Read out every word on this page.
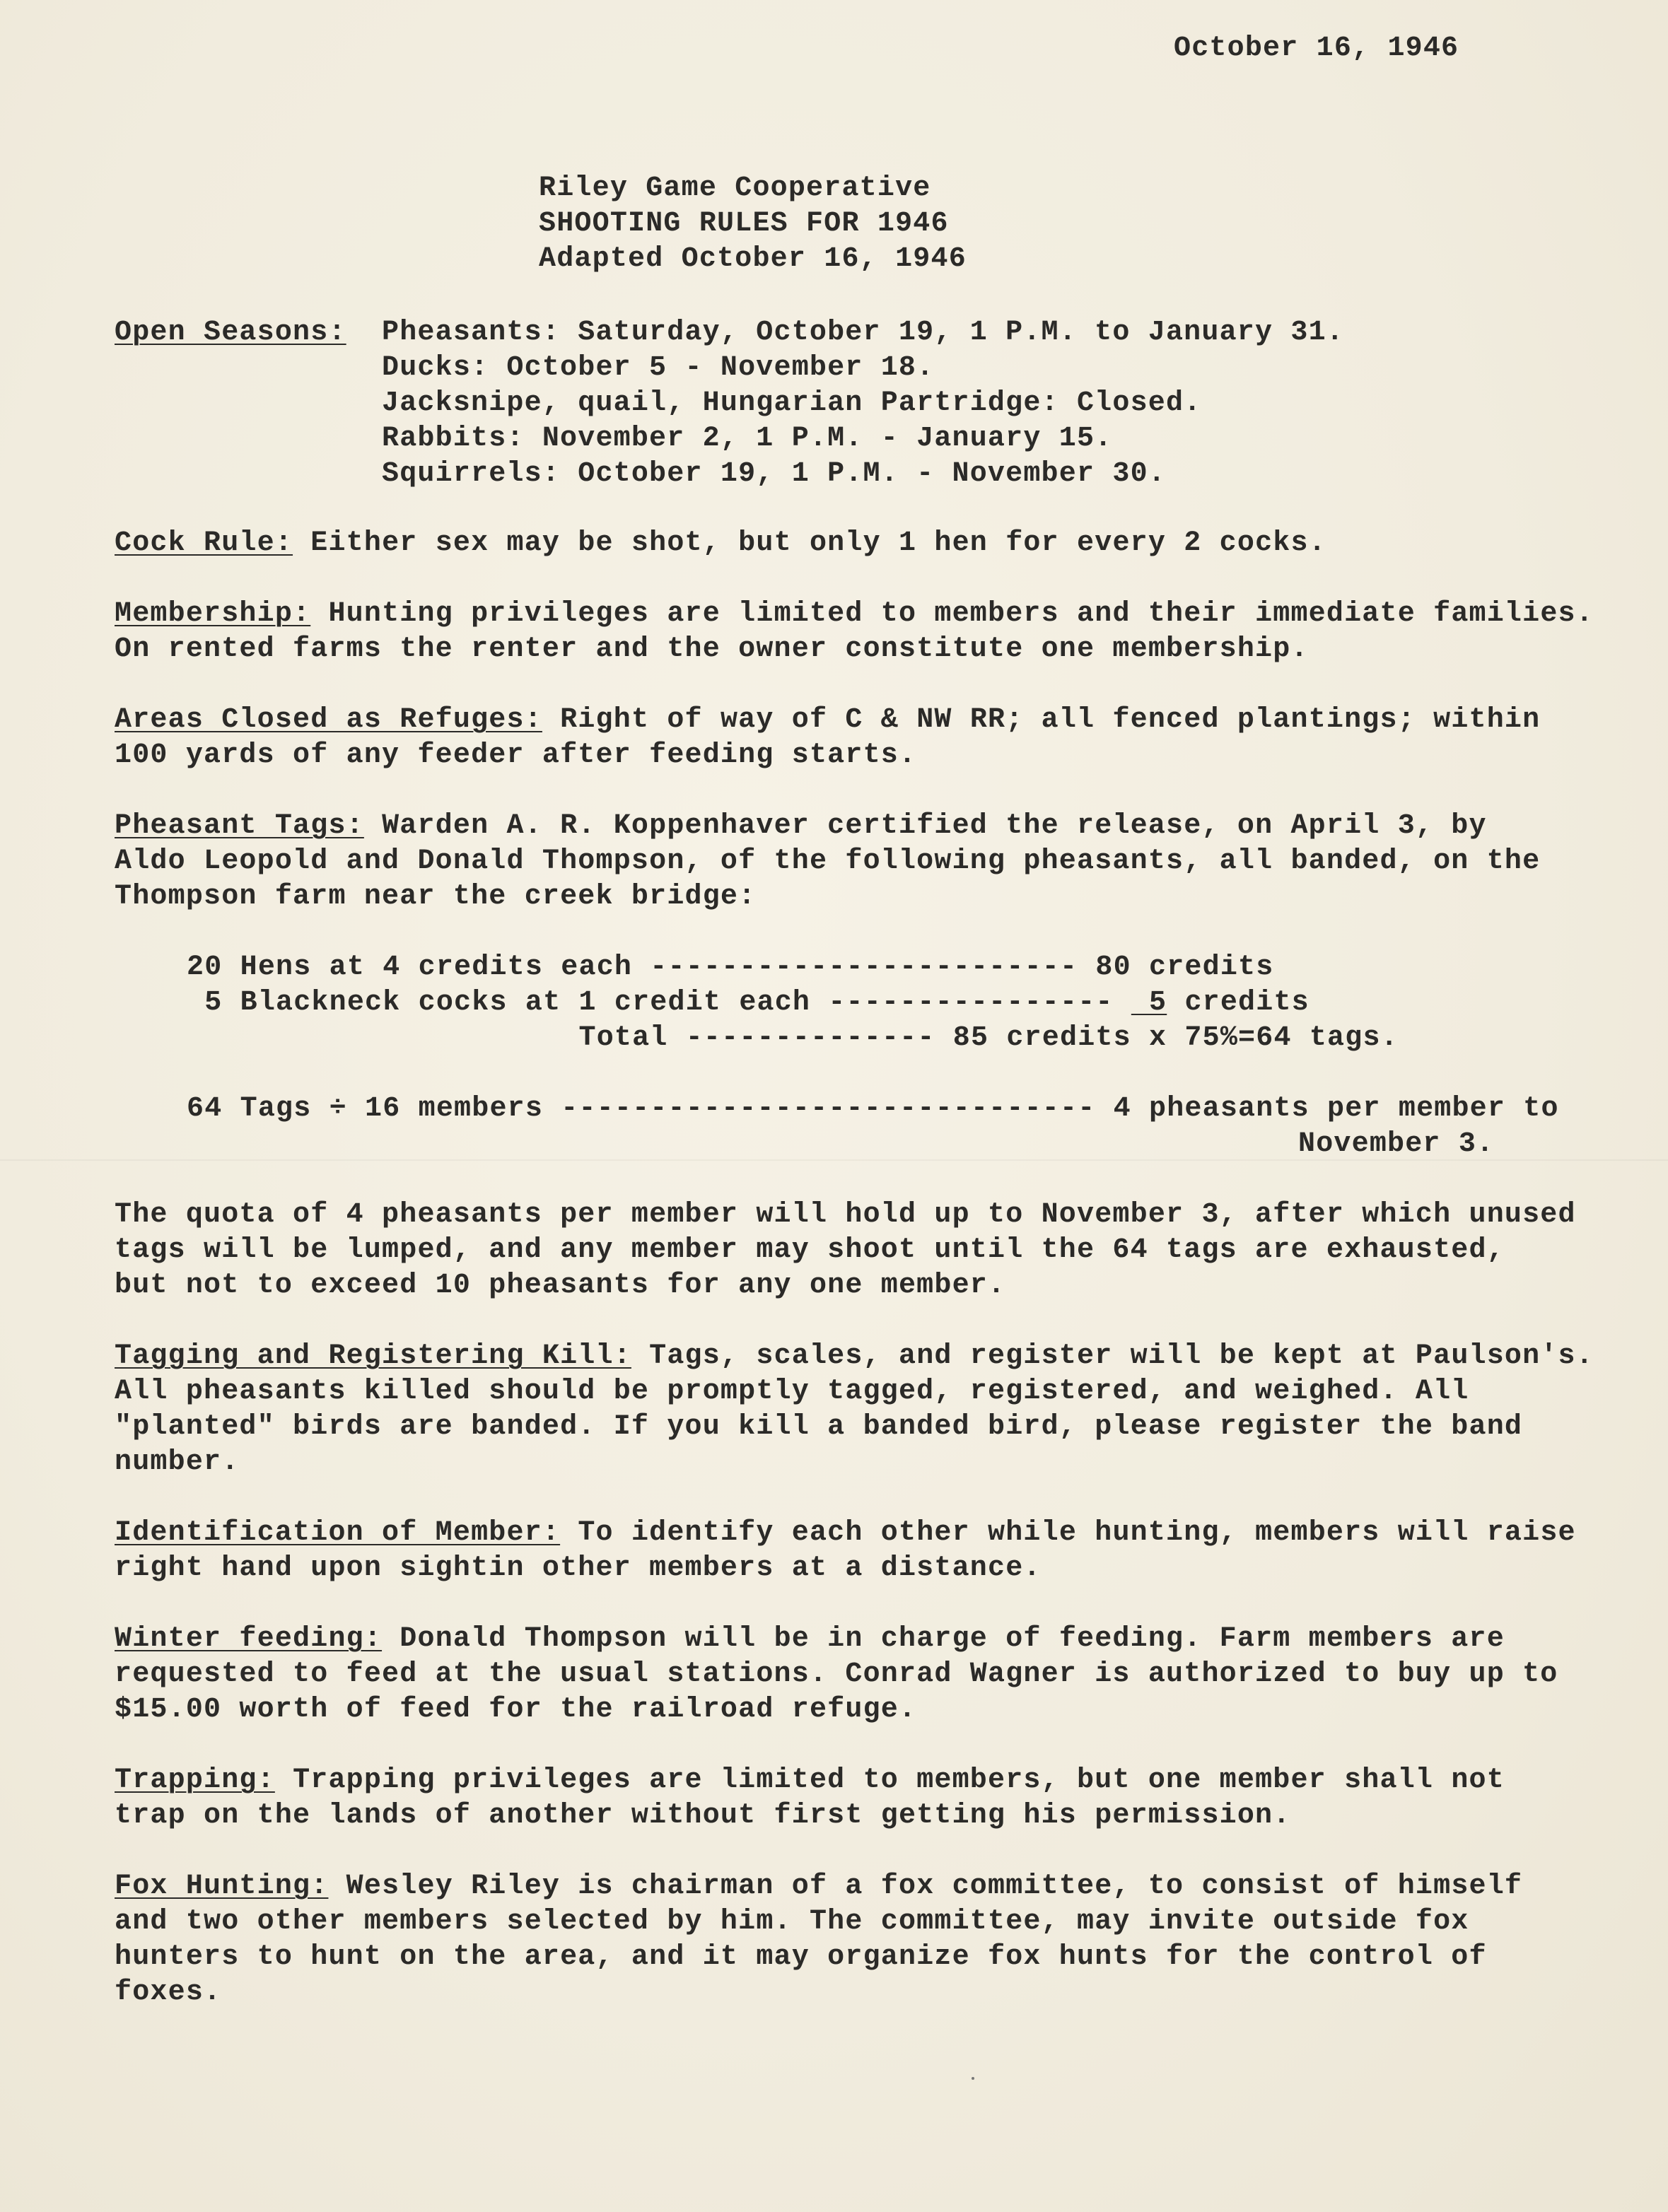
October 16, 1946
Riley Game Cooperative
SHOOTING RULES FOR 1946
Adapted October 16, 1946
Open Seasons: Pheasants: Saturday, October 19, 1 P.M. to January 31.
Ducks: October 5 - November 18.
Jacksnipe, quail, Hungarian Partridge: Closed.
Rabbits: November 2, 1 P.M. - January 15.
Squirrels: October 19, 1 P.M. - November 30.
Cock Rule: Either sex may be shot, but only 1 hen for every 2 cocks.
Membership: Hunting privileges are limited to members and their immediate families.
On rented farms the renter and the owner constitute one membership.
Areas Closed as Refuges: Right of way of C & NW RR; all fenced plantings; within
100 yards of any feeder after feeding starts.
Pheasant Tags: Warden A. R. Koppenhaver certified the release, on April 3, by
Aldo Leopold and Donald Thompson, of the following pheasants, all banded, on the
Thompson farm near the creek bridge:
20 Hens at 4 credits each ------------------------ 80 credits
5 Blackneck cocks at 1 credit each ----------------  5 credits
Total -------------- 85 credits x 75%=64 tags.
64 Tags ÷ 16 members ------------------------------ 4 pheasants per member to
November 3.
The quota of 4 pheasants per member will hold up to November 3, after which unused
tags will be lumped, and any member may shoot until the 64 tags are exhausted,
but not to exceed 10 pheasants for any one member.
Tagging and Registering Kill: Tags, scales, and register will be kept at Paulson's.
All pheasants killed should be promptly tagged, registered, and weighed. All
"planted" birds are banded. If you kill a banded bird, please register the band
number.
Identification of Member: To identify each other while hunting, members will raise
right hand upon sightin other members at a distance.
Winter feeding: Donald Thompson will be in charge of feeding. Farm members are
requested to feed at the usual stations. Conrad Wagner is authorized to buy up to
$15.00 worth of feed for the railroad refuge.
Trapping: Trapping privileges are limited to members, but one member shall not
trap on the lands of another without first getting his permission.
Fox Hunting: Wesley Riley is chairman of a fox committee, to consist of himself
and two other members selected by him. The committee, may invite outside fox
hunters to hunt on the area, and it may organize fox hunts for the control of
foxes.
